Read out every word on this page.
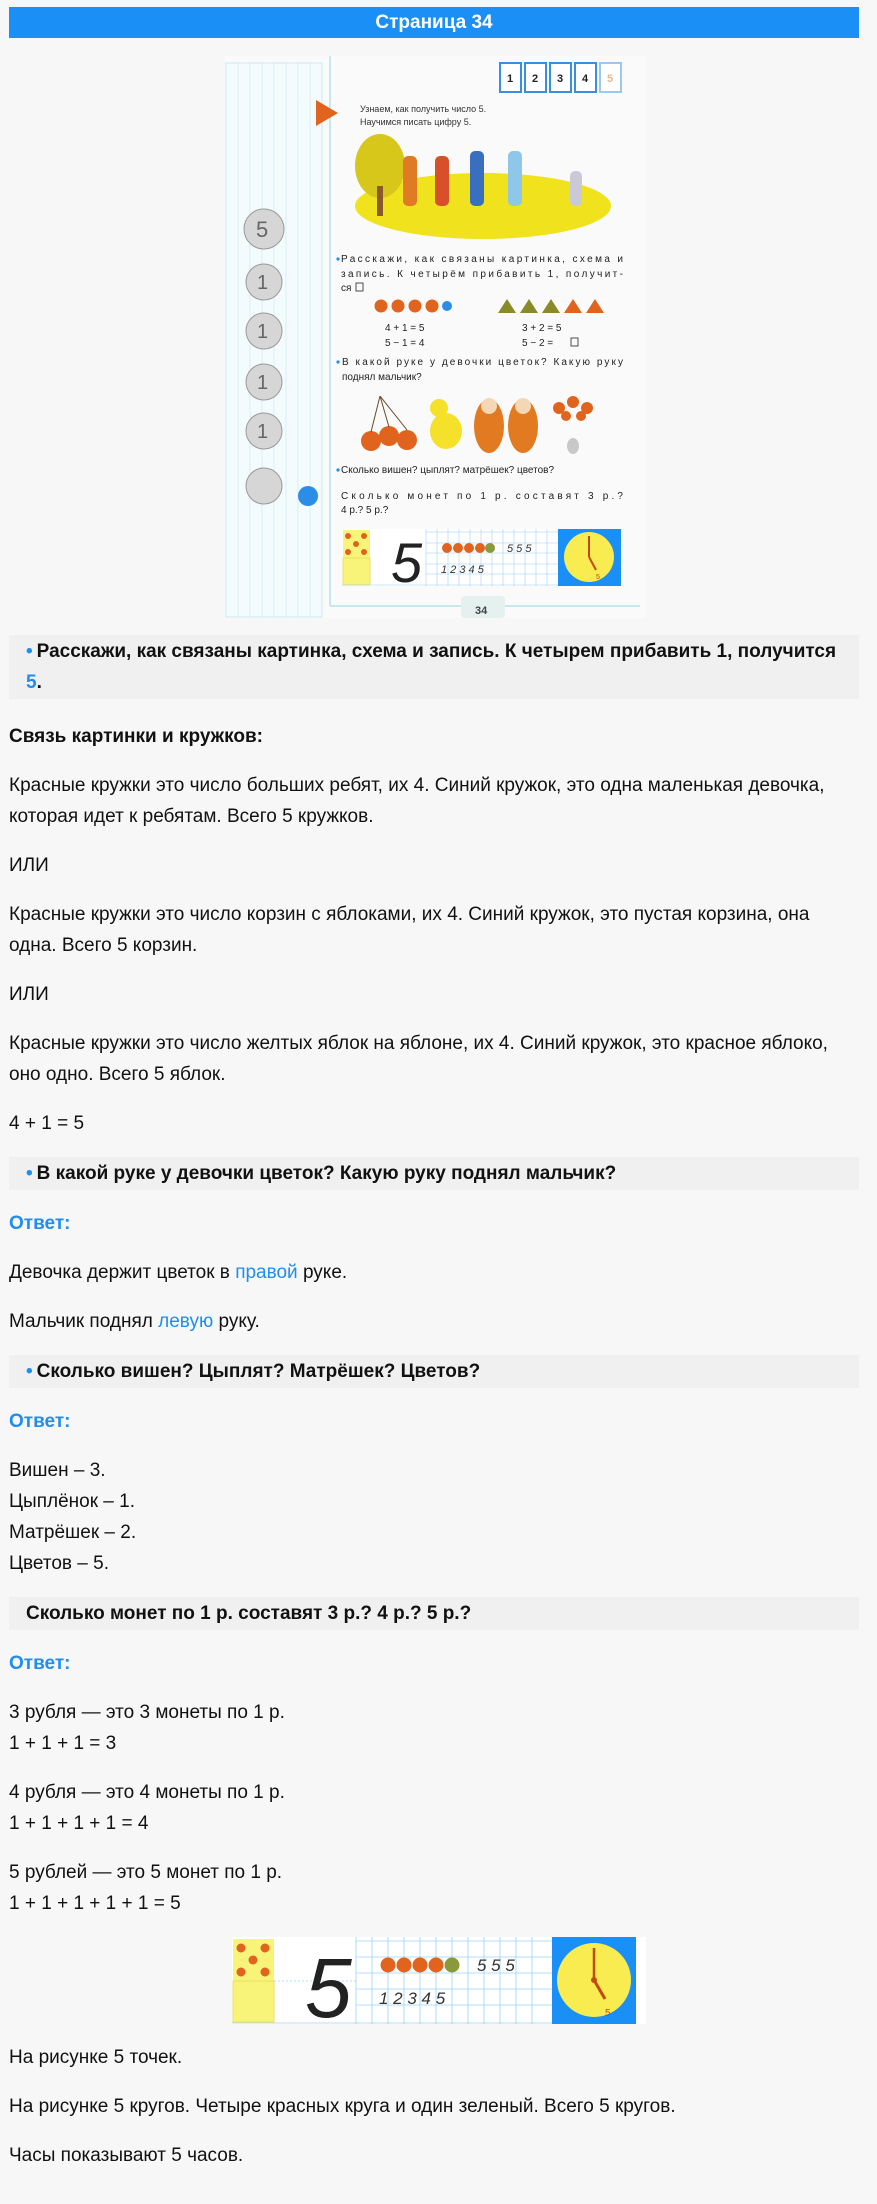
Страница 34
5
1
1
1
1
1 2 3 4 5
Узнаем, как получить число 5.
Научимся писать цифру 5.
Расскажи, как связаны картинка, схема и
запись. К четырём прибавить 1, получит-
ся
4 + 1 = 5
5 − 1 = 4
3 + 2 = 5
5 − 2 =
В какой руке у девочки цветок? Какую руку
поднял мальчик?
Сколько вишен? цыплят? матрёшек? цветов?
Сколько монет по 1 р. составят 3 р.?
4 р.? 5 р.?
5	5 5 5
1 2 3 4 5
5
34
• Расскажи, как связаны картинка, схема и запись. К четырем прибавить 1, получится 5.

Связь картинки и кружков:

Красные кружки это число больших ребят, их 4. Синий кружок, это одна маленькая девочка, которая идет к ребятам. Всего 5 кружков.

ИЛИ

Красные кружки это число корзин с яблоками, их 4. Синий кружок, это пустая корзина, она одна. Всего 5 корзин.

ИЛИ

Красные кружки это число желтых яблок на яблоне, их 4. Синий кружок, это красное яблоко, оно одно. Всего 5 яблок.

4 + 1 = 5

• В какой руке у девочки цветок? Какую руку поднял мальчик?

Ответ:

Девочка держит цветок в правой руке.

Мальчик поднял левую руку.

• Сколько вишен? Цыплят? Матрёшек? Цветов?

Ответ:

Вишен – 3.
Цыплёнок – 1.
Матрёшек – 2.
Цветов – 5.

Сколько монет по 1 р. составят 3 р.? 4 р.? 5 р.?

Ответ:

3 рубля — это 3 монеты по 1 р.
1 + 1 + 1 = 3

4 рубля — это 4 монеты по 1 р.
1 + 1 + 1 + 1 = 4

5 рублей — это 5 монет по 1 р.
1 + 1 + 1 + 1 + 1 = 5

5	5 5 5
1 2 3 4 5
5

На рисунке 5 точек.

На рисунке 5 кругов. Четыре красных круга и один зеленый. Всего 5 кругов.

Часы показывают 5 часов.
